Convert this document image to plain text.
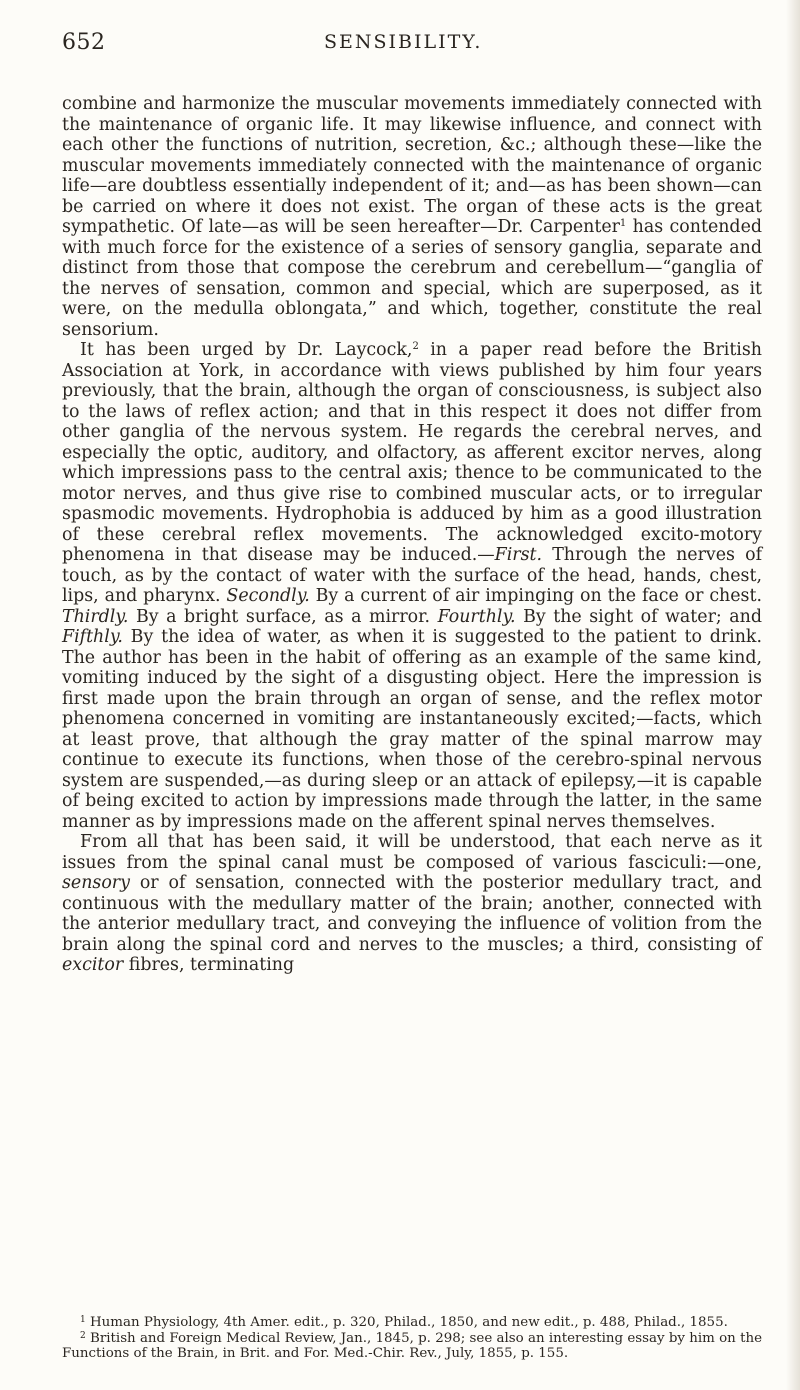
652	SENSIBILITY.

combine and harmonize the muscular movements immediately connected with the maintenance of organic life. It may likewise influence, and connect with each other the functions of nutrition, secretion, &c.; although these—like the muscular movements immediately connected with the maintenance of organic life—are doubtless essentially independent of it; and—as has been shown—can be carried on where it does not exist. The organ of these acts is the great sympathetic. Of late—as will be seen hereafter—Dr. Carpenter$^1$ has contended with much force for the existence of a series of sensory ganglia, separate and distinct from those that compose the cerebrum and cerebellum—“ganglia of the nerves of sensation, common and special, which are superposed, as it were, on the medulla oblongata,” and which, together, constitute the real sensorium.

It has been urged by Dr. Laycock,$^2$ in a paper read before the British Association at York, in accordance with views published by him four years previously, that the brain, although the organ of consciousness, is subject also to the laws of reflex action; and that in this respect it does not differ from other ganglia of the nervous system. He regards the cerebral nerves, and especially the optic, auditory, and olfactory, as afferent excitor nerves, along which impressions pass to the central axis; thence to be communicated to the motor nerves, and thus give rise to combined muscular acts, or to irregular spasmodic movements. Hydrophobia is adduced by him as a good illustration of these cerebral reflex movements. The acknowledged excito-motory phenomena in that disease may be induced.—First. Through the nerves of touch, as by the contact of water with the surface of the head, hands, chest, lips, and pharynx. Secondly. By a current of air impinging on the face or chest. Thirdly. By a bright surface, as a mirror. Fourthly. By the sight of water; and Fifthly. By the idea of water, as when it is suggested to the patient to drink. The author has been in the habit of offering as an example of the same kind, vomiting induced by the sight of a disgusting object. Here the impression is first made upon the brain through an organ of sense, and the reflex motor phenomena concerned in vomiting are instantaneously excited;—facts, which at least prove, that although the gray matter of the spinal marrow may continue to execute its functions, when those of the cerebro-spinal nervous system are suspended,—as during sleep or an attack of epilepsy,—it is capable of being excited to action by impressions made through the latter, in the same manner as by impressions made on the afferent spinal nerves themselves.

From all that has been said, it will be understood, that each nerve as it issues from the spinal canal must be composed of various fasciculi:—one, sensory or of sensation, connected with the posterior medullary tract, and continuous with the medullary matter of the brain; another, connected with the anterior medullary tract, and conveying the influence of volition from the brain along the spinal cord and nerves to the muscles; a third, consisting of excitor fibres, terminating

$^1$ Human Physiology, 4th Amer. edit., p. 320, Philad., 1850, and new edit., p. 488, Philad., 1855.

$^2$ British and Foreign Medical Review, Jan., 1845, p. 298; see also an interesting essay by him on the Functions of the Brain, in Brit. and For. Med.-Chir. Rev., July, 1855, p. 155.
